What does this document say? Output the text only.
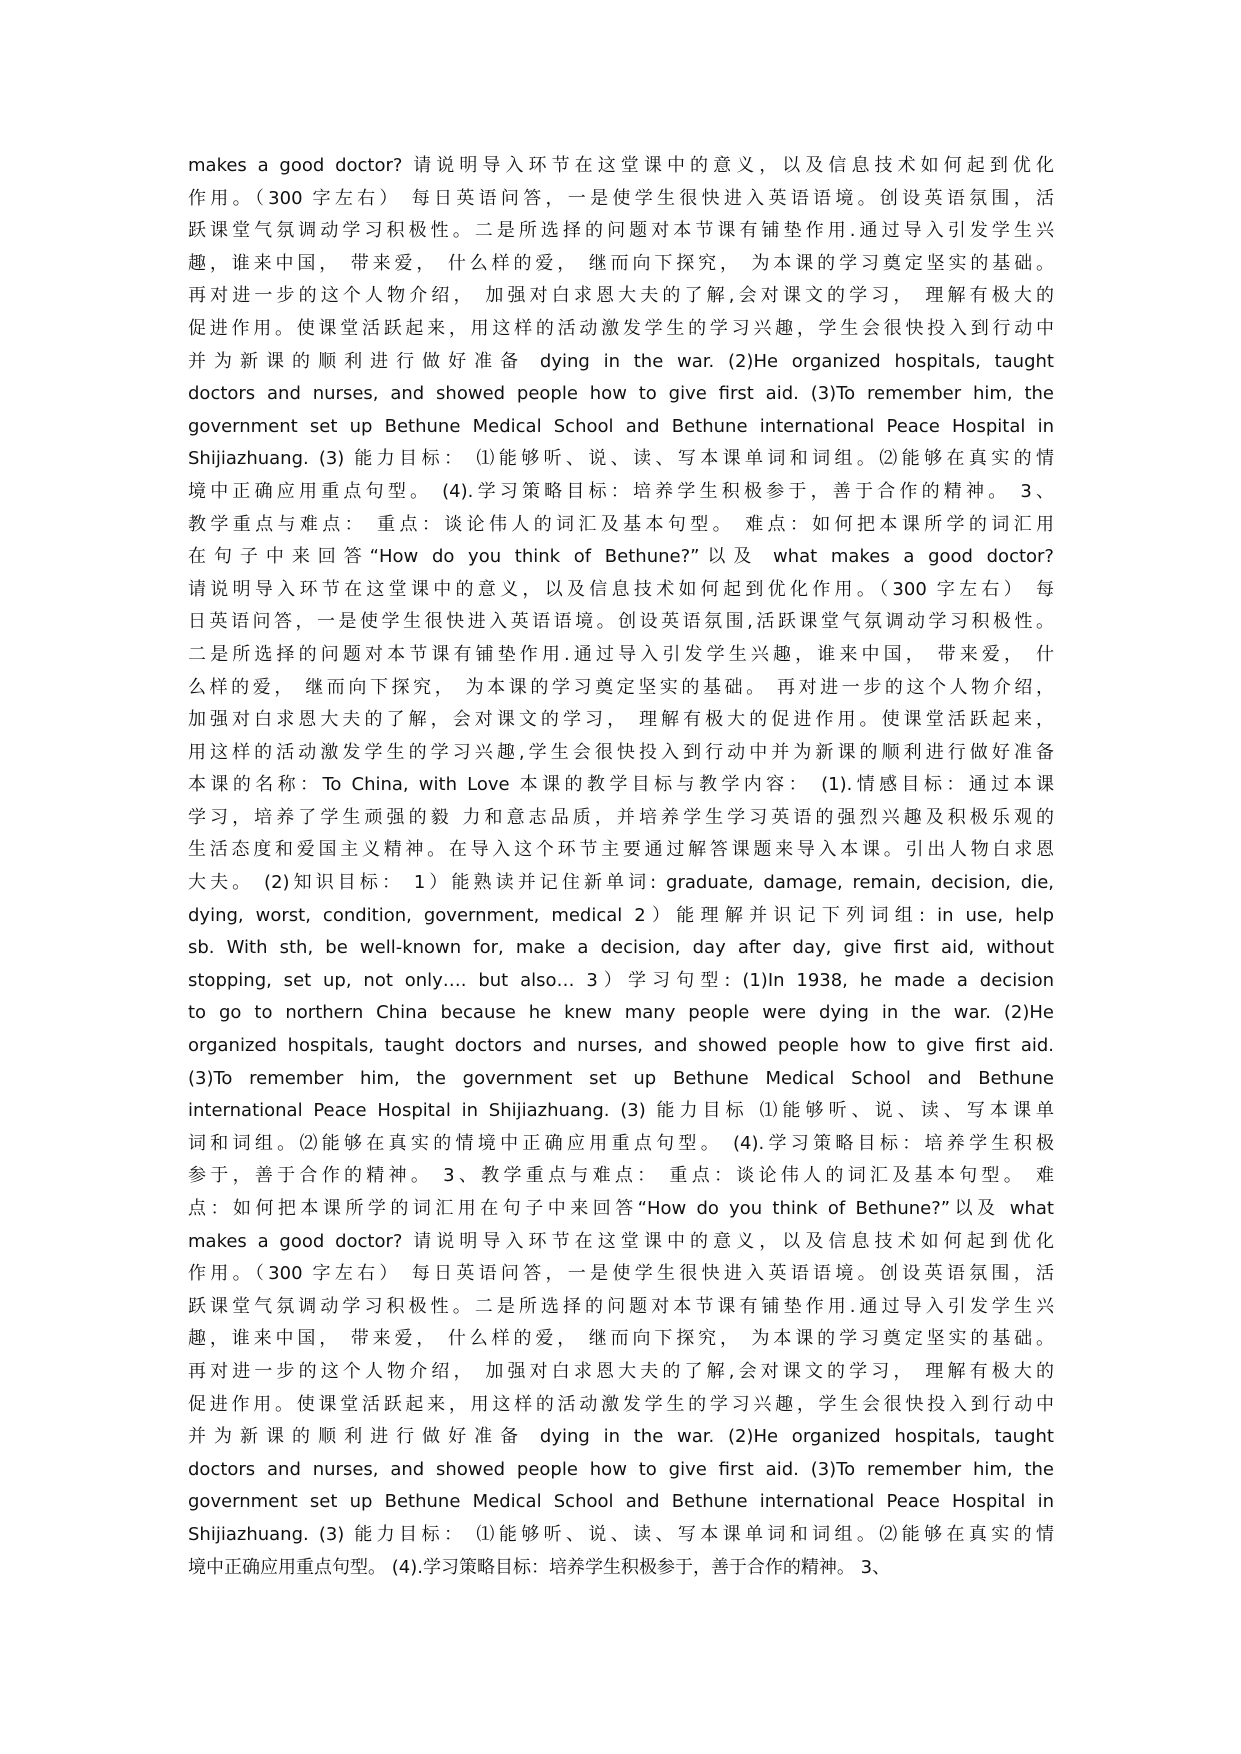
makes a good doctor? 请说明导入环节在这堂课中的意义，以及信息技术如何起到优化
作用。（300 字左右） 每日英语问答，一是使学生很快进入英语语境。创设英语氛围，活
跃课堂气氛调动学习积极性。二是所选择的问题对本节课有铺垫作用.通过导入引发学生兴
趣，谁来中国， 带来爱， 什么样的爱， 继而向下探究， 为本课的学习奠定坚实的基础。
再对进一步的这个人物介绍， 加强对白求恩大夫的了解,会对课文的学习， 理解有极大的
促进作用。使课堂活跃起来，用这样的活动激发学生的学习兴趣，学生会很快投入到行动中
并为新课的顺利进行做好准备 dying in the war. (2)He organized hospitals, taught
doctors and nurses, and showed people how to give first aid. (3)To remember him, the
government set up Bethune Medical School and Bethune international Peace Hospital in
Shijiazhuang. (3) 能力目标： ⑴能够听、说、读、写本课单词和词组。⑵能够在真实的情
境中正确应用重点句型。 (4).学习策略目标：培养学生积极参于，善于合作的精神。 3、
教学重点与难点： 重点：谈论伟人的词汇及基本句型。 难点：如何把本课所学的词汇用
在句子中来回答“How do you think of Bethune?”以及 what makes a good doctor?
请说明导入环节在这堂课中的意义，以及信息技术如何起到优化作用。（300 字左右） 每
日英语问答，一是使学生很快进入英语语境。创设英语氛围,活跃课堂气氛调动学习积极性。
二是所选择的问题对本节课有铺垫作用.通过导入引发学生兴趣，谁来中国， 带来爱， 什
么样的爱， 继而向下探究， 为本课的学习奠定坚实的基础。 再对进一步的这个人物介绍，
加强对白求恩大夫的了解，会对课文的学习， 理解有极大的促进作用。使课堂活跃起来，
用这样的活动激发学生的学习兴趣,学生会很快投入到行动中并为新课的顺利进行做好准备
本课的名称：To China, with Love 本课的教学目标与教学内容： (1).情感目标：通过本课
学习，培养了学生顽强的毅 力和意志品质，并培养学生学习英语的强烈兴趣及积极乐观的
生活态度和爱国主义精神。在导入这个环节主要通过解答课题来导入本课。引出人物白求恩
大夫。 (2)知识目标： 1）能熟读并记住新单词: graduate, damage, remain, decision, die,
dying, worst, condition, government, medical 2）能理解并识记下列词组: in use, help
sb. With sth, be well-known for, make a decision, day after day, give first aid, without
stopping, set up, not only…. but also… 3）学习句型: (1)In 1938, he made a decision
to go to northern China because he knew many people were dying in the war. (2)He
organized hospitals, taught doctors and nurses, and showed people how to give first aid.
(3)To remember him, the government set up Bethune Medical School and Bethune
international Peace Hospital in Shijiazhuang. (3) 能力目标 ⑴能够听、说、读、写本课单
词和词组。⑵能够在真实的情境中正确应用重点句型。 (4).学习策略目标：培养学生积极
参于，善于合作的精神。 3、教学重点与难点： 重点：谈论伟人的词汇及基本句型。 难
点：如何把本课所学的词汇用在句子中来回答“How do you think of Bethune?”以及 what
makes a good doctor? 请说明导入环节在这堂课中的意义，以及信息技术如何起到优化
作用。（300 字左右） 每日英语问答，一是使学生很快进入英语语境。创设英语氛围，活
跃课堂气氛调动学习积极性。二是所选择的问题对本节课有铺垫作用.通过导入引发学生兴
趣，谁来中国， 带来爱， 什么样的爱， 继而向下探究， 为本课的学习奠定坚实的基础。
再对进一步的这个人物介绍， 加强对白求恩大夫的了解,会对课文的学习， 理解有极大的
促进作用。使课堂活跃起来，用这样的活动激发学生的学习兴趣，学生会很快投入到行动中
并为新课的顺利进行做好准备 dying in the war. (2)He organized hospitals, taught
doctors and nurses, and showed people how to give first aid. (3)To remember him, the
government set up Bethune Medical School and Bethune international Peace Hospital in
Shijiazhuang. (3) 能力目标： ⑴能够听、说、读、写本课单词和词组。⑵能够在真实的情
境中正确应用重点句型。 (4).学习策略目标：培养学生积极参于，善于合作的精神。 3、
